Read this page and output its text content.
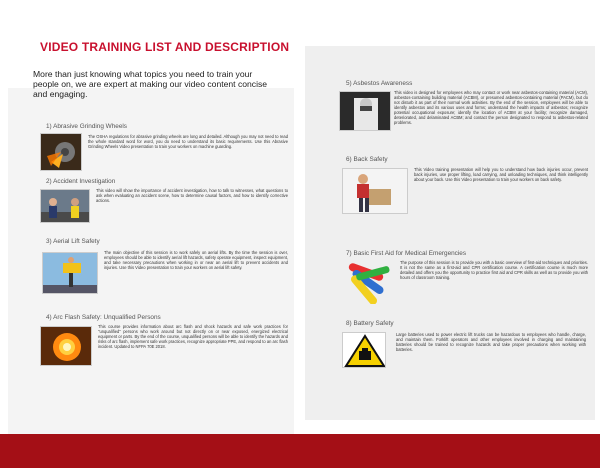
VIDEO TRAINING LIST AND DESCRIPTION
More than just knowing what topics you need to train your people on, we are expert at making our video content concise and engaging.
1) Abrasive Grinding Wheels
The OSHA regulations for abrasive grinding wheels are long and detailed. Although you may not need to read the whole standard word for word, you do need to understand its basic requirements. Use this Abrasive Grinding Wheels Video presentation to train your workers on machine guarding.
2) Accident Investigation
This video will show the importance of accident investigation, how to talk to witnesses, what questions to ask when evaluating an accident scene, how to determine causal factors, and how to identify corrective actions.
3) Aerial Lift Safety
The main objective of this session is to work safely on aerial lifts. By the time the session is over, employees should be able to identify aerial lift hazards, safety operate equipment, inspect equipment, and take necessary precautions when working in or near an aerial lift to prevent accidents and injuries. Use this Video presentation to train your workers on aerial lift safety.
4) Arc Flash Safety: Unqualified Persons
This course provides information about arc flash and shock hazards and safe work practices for "unqualified" persons who work around but not directly on or near exposed, energized electrical equipment or parts. By the end of the course, unqualified persons will be able to identify the hazards and risks of arc flash, implement safe work practices, recognize appropriate PPE, and respond to an arc flash incident. Updated to NFPA 70E 2018.
5) Asbestos Awareness
This video is designed for employees who may contact or work near asbestos-containing material (ACM), asbestos-containing building material (ACBM), or presumed asbestos-containing material (PACM), but do not disturb it as part of their normal work activities. By the end of the session, employees will be able to identify asbestos and its various uses and forms; understand the health impacts of asbestos; recognize potential occupational exposure; identify the location of ACBM at your facility; recognize damaged, deteriorated, and delaminated ACBM; and contact the person designated to respond to asbestos-related problems.
6) Back Safety
This Video training presentation will help you to understand how back injuries occur, prevent back injuries, use proper lifting, load carrying, and unloading techniques, and think intelligently about your back. Use this Video presentation to train your workers on back safety.
7) Basic First Aid for Medical Emergencies
The purpose of this session is to provide you with a basic overview of first-aid techniques and priorities. It is not the same as a first-aid and CPR certification course. A certification course is much more detailed and offers you the opportunity to practice first aid and CPR skills as well as to provide you with hours of classroom training.
8) Battery Safety
Large batteries used to power electric lift trucks can be hazardous to employees who handle, charge, and maintain them. Forklift operators and other employees involved in charging and maintaining batteries should be trained to recognize hazards and take proper precautions when working with batteries.
